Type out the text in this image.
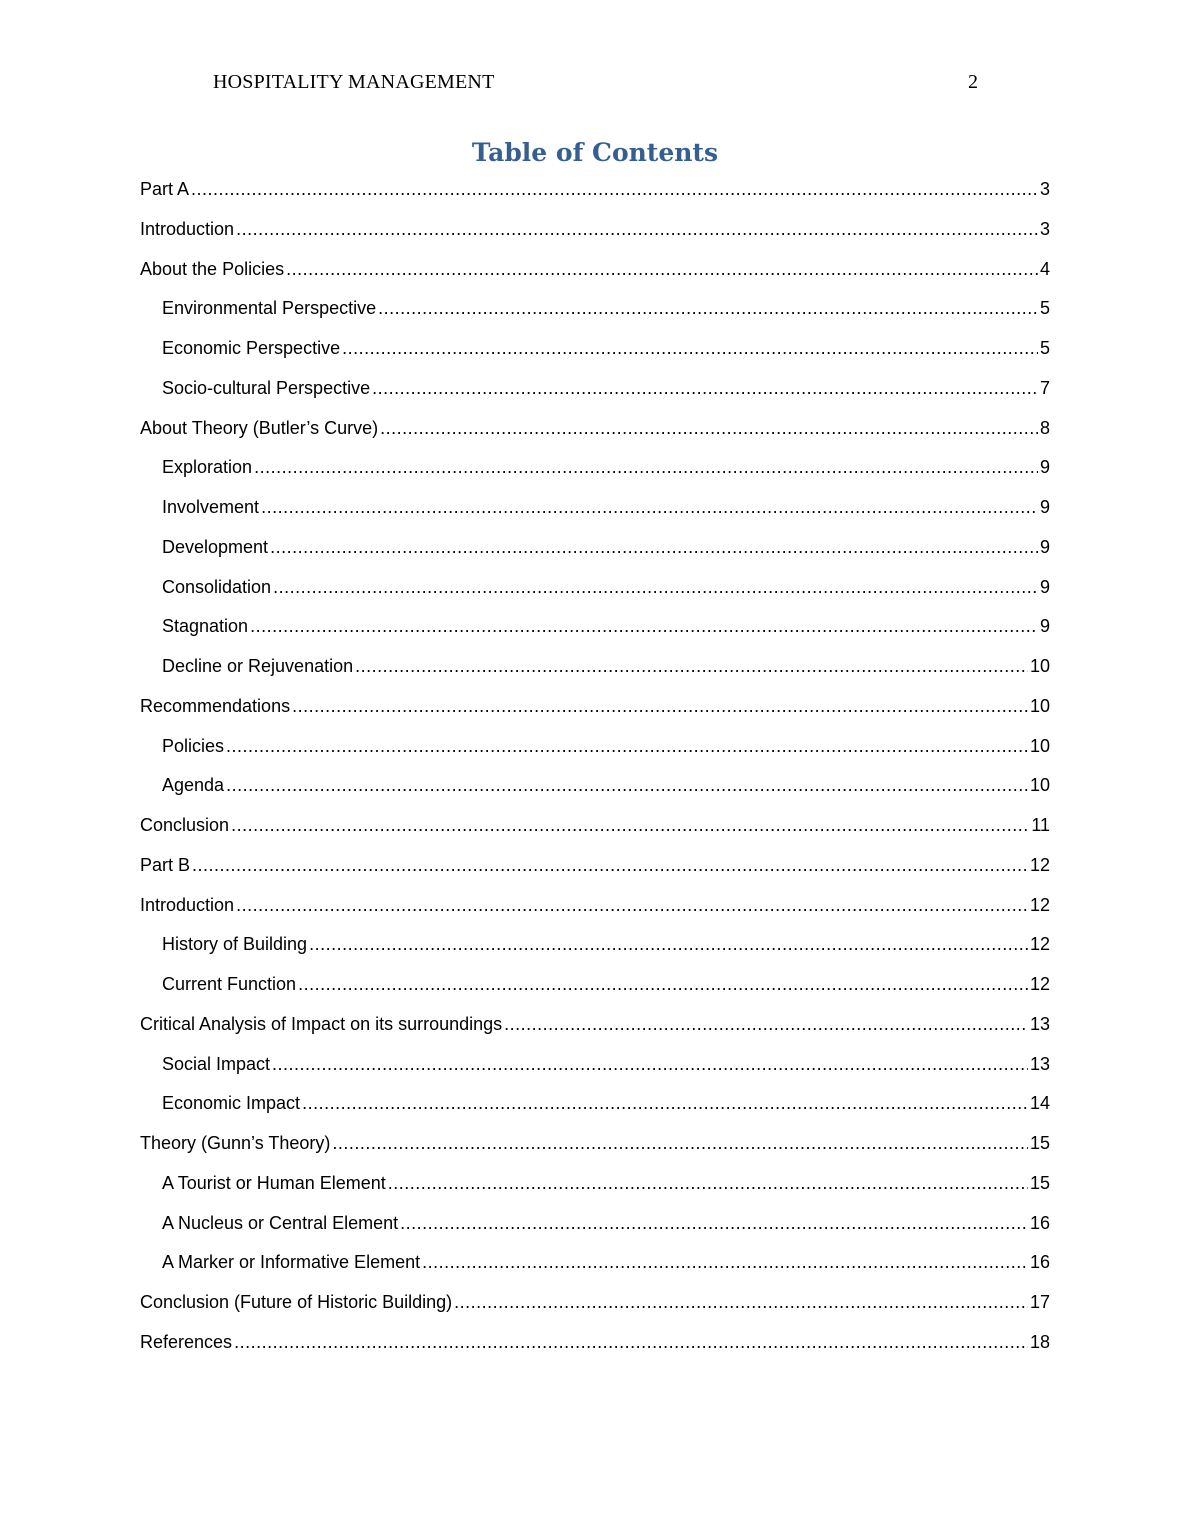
HOSPITALITY MANAGEMENT	2
Table of Contents
Part A .....	3
Introduction .....	3
About the Policies .....	4
Environmental Perspective .....	5
Economic Perspective .....	5
Socio-cultural Perspective .....	7
About Theory (Butler’s Curve) .....	8
Exploration .....	9
Involvement .....	9
Development .....	9
Consolidation .....	9
Stagnation .....	9
Decline or Rejuvenation .....	10
Recommendations .....	10
Policies .....	10
Agenda .....	10
Conclusion .....	11
Part B .....	12
Introduction .....	12
History of Building .....	12
Current Function .....	12
Critical Analysis of Impact on its surroundings .....	13
Social Impact .....	13
Economic Impact .....	14
Theory (Gunn’s Theory) .....	15
A Tourist or Human Element .....	15
A Nucleus or Central Element .....	16
A Marker or Informative Element .....	16
Conclusion (Future of Historic Building) .....	17
References .....	18
